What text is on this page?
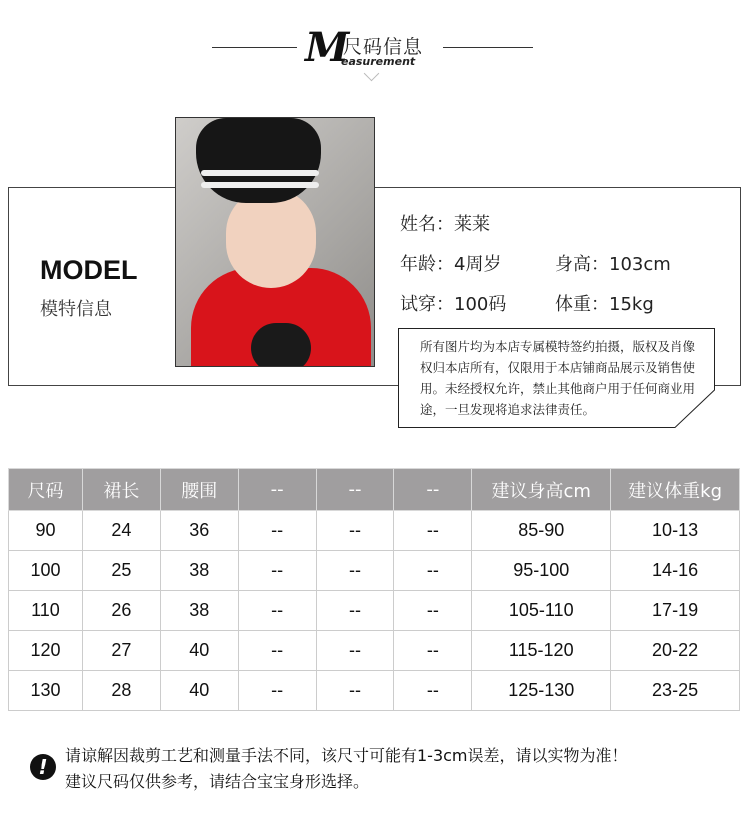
M
尺码信息
easurement
MODEL
模特信息
姓名：莱莱
年龄：4周岁	身高：103cm
试穿：100码	体重：15kg

所有图片均为本店专属模特签约拍摄，版权及肖像权归本店所有，仅限用于本店铺商品展示及销售使用。未经授权允许，禁止其他商户用于任何商业用途，一旦发现将追求法律责任。

尺码	裙长	腰围	--	--	--	建议身高cm	建议体重kg
90	24	36	--	--	--	85-90	10-13
100	25	38	--	--	--	95-100	14-16
110	26	38	--	--	--	105-110	17-19
120	27	40	--	--	--	115-120	20-22
130	28	40	--	--	--	125-130	23-25
!	请谅解因裁剪工艺和测量手法不同，该尺寸可能有1-3cm误差，请以实物为准！
建议尺码仅供参考，请结合宝宝身形选择。
